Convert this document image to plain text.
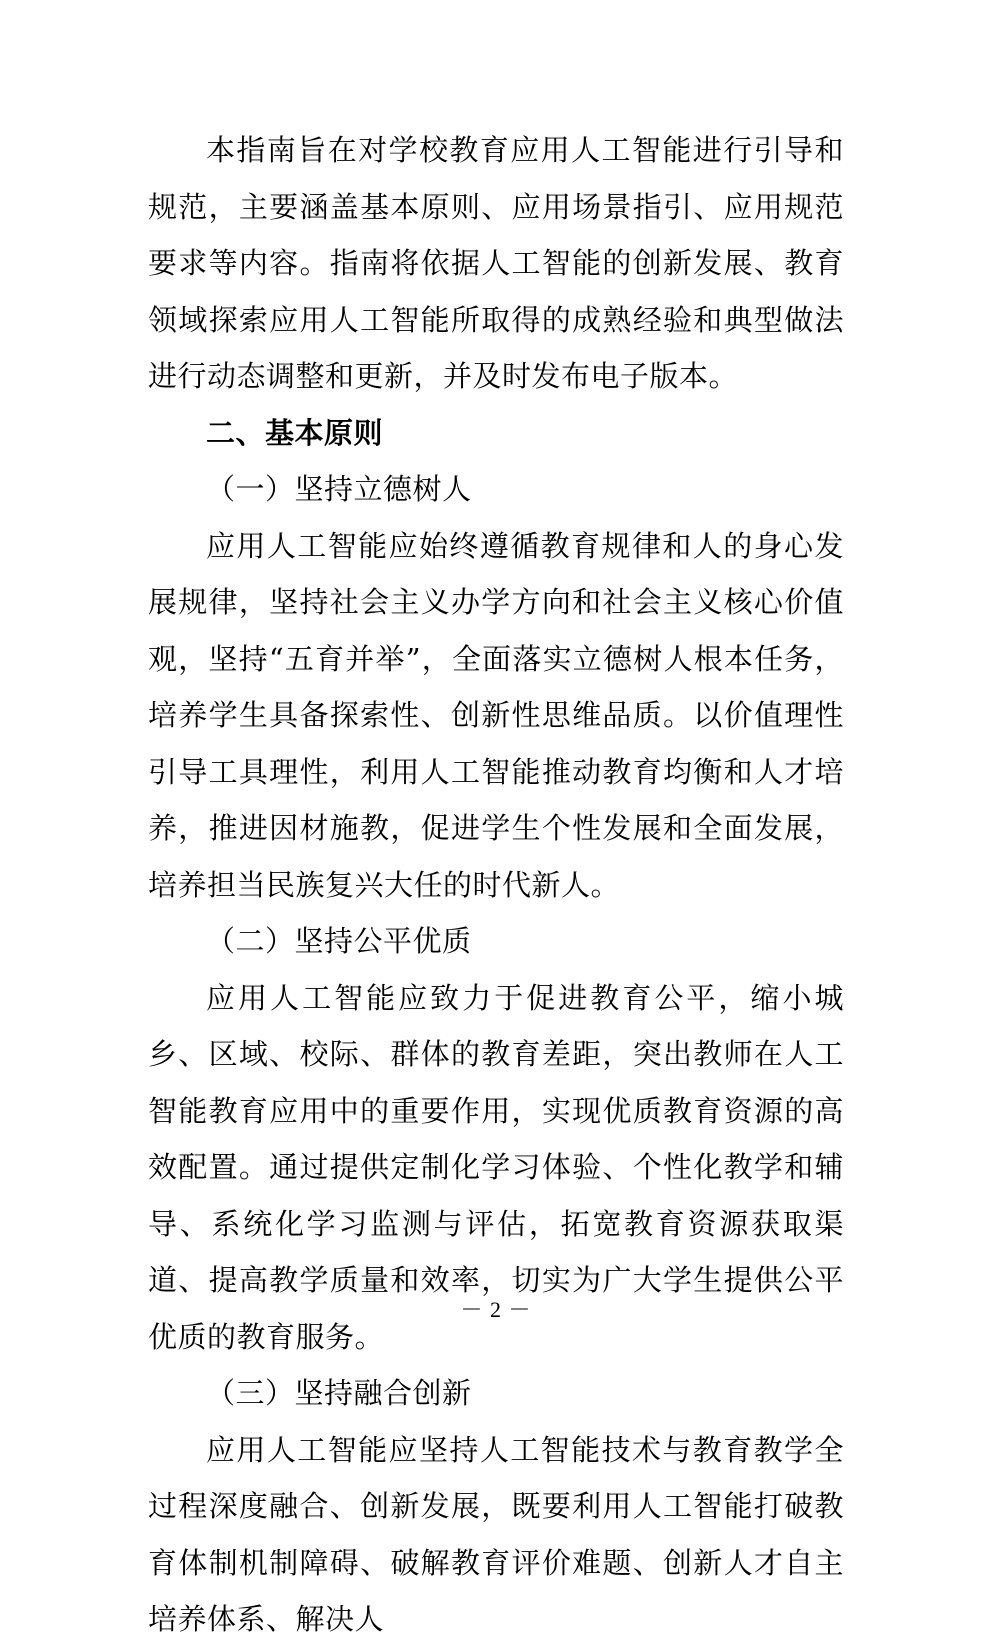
本指南旨在对学校教育应用人工智能进行引导和规范，主要涵盖基本原则、应用场景指引、应用规范要求等内容。指南将依据人工智能的创新发展、教育领域探索应用人工智能所取得的成熟经验和典型做法进行动态调整和更新，并及时发布电子版本。

二、基本原则

（一）坚持立德树人

应用人工智能应始终遵循教育规律和人的身心发展规律，坚持社会主义办学方向和社会主义核心价值观，坚持“五育并举”，全面落实立德树人根本任务，培养学生具备探索性、创新性思维品质。以价值理性引导工具理性，利用人工智能推动教育均衡和人才培养，推进因材施教，促进学生个性发展和全面发展，培养担当民族复兴大任的时代新人。

（二）坚持公平优质

应用人工智能应致力于促进教育公平，缩小城乡、区域、校际、群体的教育差距，突出教师在人工智能教育应用中的重要作用，实现优质教育资源的高效配置。通过提供定制化学习体验、个性化教学和辅导、系统化学习监测与评估，拓宽教育资源获取渠道、提高教学质量和效率，切实为广大学生提供公平优质的教育服务。

（三）坚持融合创新

应用人工智能应坚持人工智能技术与教育教学全过程深度融合、创新发展，既要利用人工智能打破教育体制机制障碍、破解教育评价难题、创新人才自主培养体系、解决人

－ 2 －
